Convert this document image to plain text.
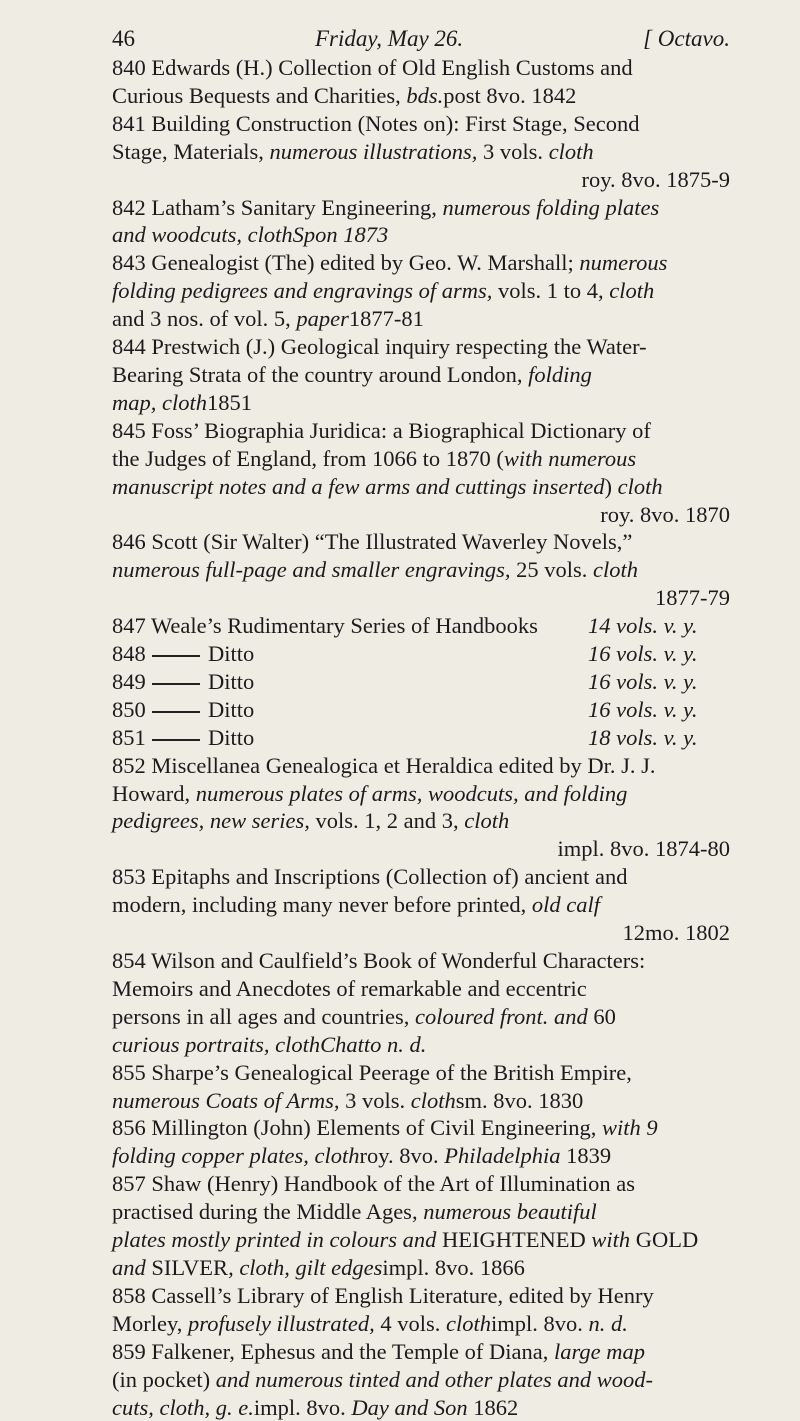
46	Friday, May 26.	[ Octavo.
840 Edwards (H.) Collection of Old English Customs and
Curious Bequests and Charities, bds.post 8vo. 1842
841 Building Construction (Notes on): First Stage, Second
Stage, Materials, numerous illustrations, 3 vols. cloth
roy. 8vo. 1875-9
842 Latham’s Sanitary Engineering, numerous folding plates
and woodcuts, clothSpon 1873
843 Genealogist (The) edited by Geo. W. Marshall; numerous
folding pedigrees and engravings of arms, vols. 1 to 4, cloth
and 3 nos. of vol. 5, paper1877-81
844 Prestwich (J.) Geological inquiry respecting the Water-
Bearing Strata of the country around London, folding
map, cloth1851
845 Foss’ Biographia Juridica: a Biographical Dictionary of
the Judges of England, from 1066 to 1870 (with numerous
manuscript notes and a few arms and cuttings inserted) cloth
roy. 8vo. 1870
846 Scott (Sir Walter) “The Illustrated Waverley Novels,”
numerous full-page and smaller engravings, 25 vols. cloth
1877-79
847 Weale’s Rudimentary Series of Handbooks	14 vols. v. y.
848	Ditto	16 vols. v. y.
849	Ditto	16 vols. v. y.
850	Ditto	16 vols. v. y.
851	Ditto	18 vols. v. y.
852 Miscellanea Genealogica et Heraldica edited by Dr. J. J.
Howard, numerous plates of arms, woodcuts, and folding
pedigrees, new series, vols. 1, 2 and 3, cloth
impl. 8vo. 1874-80
853 Epitaphs and Inscriptions (Collection of) ancient and
modern, including many never before printed, old calf
12mo. 1802
854 Wilson and Caulfield’s Book of Wonderful Characters:
Memoirs and Anecdotes of remarkable and eccentric
persons in all ages and countries, coloured front. and 60
curious portraits, clothChatto n. d.
855 Sharpe’s Genealogical Peerage of the British Empire,
numerous Coats of Arms, 3 vols. clothsm. 8vo. 1830
856 Millington (John) Elements of Civil Engineering, with 9
folding copper plates, clothroy. 8vo. Philadelphia 1839
857 Shaw (Henry) Handbook of the Art of Illumination as
practised during the Middle Ages, numerous beautiful
plates mostly printed in colours and HEIGHTENED with GOLD
and SILVER, cloth, gilt edgesimpl. 8vo. 1866
858 Cassell’s Library of English Literature, edited by Henry
Morley, profusely illustrated, 4 vols. clothimpl. 8vo. n. d.
859 Falkener, Ephesus and the Temple of Diana, large map
(in pocket) and numerous tinted and other plates and wood-
cuts, cloth, g. e.impl. 8vo. Day and Son 1862
